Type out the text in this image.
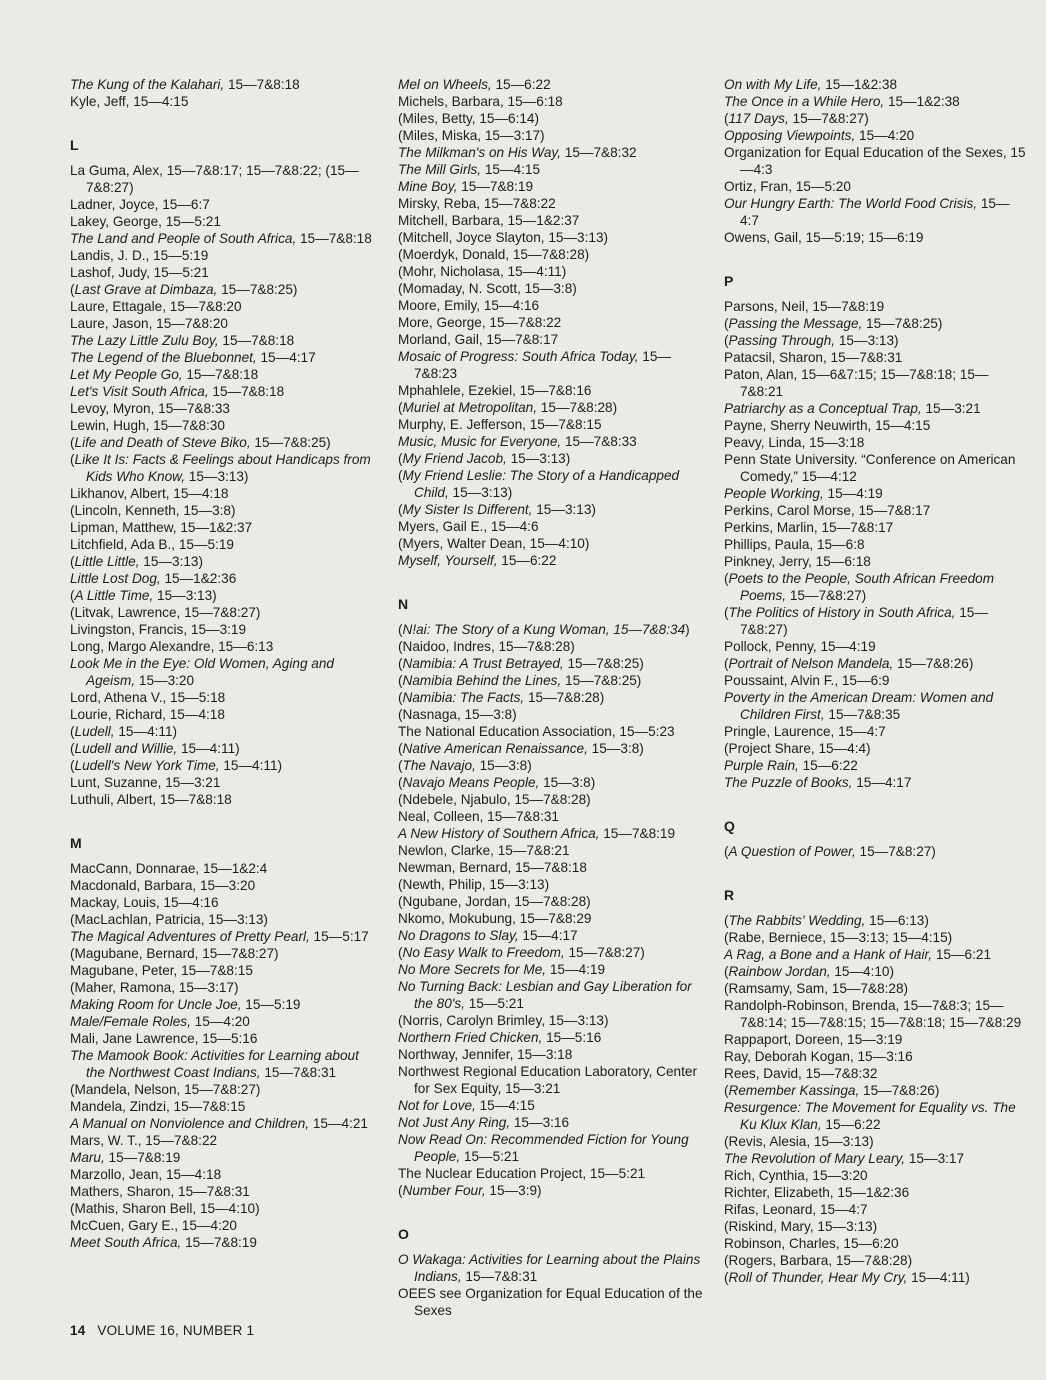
The Kung of the Kalahari, 15—7&8:18
Kyle, Jeff, 15—4:15
L
La Guma, Alex, 15—7&8:17; 15—7&8:22; (15—7&8:27)
Ladner, Joyce, 15—6:7
Lakey, George, 15—5:21
The Land and People of South Africa, 15—7&8:18
Landis, J. D., 15—5:19
Lashof, Judy, 15—5:21
(Last Grave at Dimbaza, 15—7&8:25)
Laure, Ettagale, 15—7&8:20
Laure, Jason, 15—7&8:20
The Lazy Little Zulu Boy, 15—7&8:18
The Legend of the Bluebonnet, 15—4:17
Let My People Go, 15—7&8:18
Let's Visit South Africa, 15—7&8:18
Levoy, Myron, 15—7&8:33
Lewin, Hugh, 15—7&8:30
(Life and Death of Steve Biko, 15—7&8:25)
(Like It Is: Facts & Feelings about Handicaps from Kids Who Know, 15—3:13)
Likhanov, Albert, 15—4:18
(Lincoln, Kenneth, 15—3:8)
Lipman, Matthew, 15—1&2:37
Litchfield, Ada B., 15—5:19
(Little Little, 15—3:13)
Little Lost Dog, 15—1&2:36
(A Little Time, 15—3:13)
(Litvak, Lawrence, 15—7&8:27)
Livingston, Francis, 15—3:19
Long, Margo Alexandre, 15—6:13
Look Me in the Eye: Old Women, Aging and Ageism, 15—3:20
Lord, Athena V., 15—5:18
Lourie, Richard, 15—4:18
(Ludell, 15—4:11)
(Ludell and Willie, 15—4:11)
(Ludell's New York Time, 15—4:11)
Lunt, Suzanne, 15—3:21
Luthuli, Albert, 15—7&8:18
M
MacCann, Donnarae, 15—1&2:4
Macdonald, Barbara, 15—3:20
Mackay, Louis, 15—4:16
(MacLachlan, Patricia, 15—3:13)
The Magical Adventures of Pretty Pearl, 15—5:17
(Magubane, Bernard, 15—7&8:27)
Magubane, Peter, 15—7&8:15
(Maher, Ramona, 15—3:17)
Making Room for Uncle Joe, 15—5:19
Male/Female Roles, 15—4:20
Mali, Jane Lawrence, 15—5:16
The Mamook Book: Activities for Learning about the Northwest Coast Indians, 15—7&8:31
(Mandela, Nelson, 15—7&8:27)
Mandela, Zindzi, 15—7&8:15
A Manual on Nonviolence and Children, 15—4:21
Mars, W. T., 15—7&8:22
Maru, 15—7&8:19
Marzollo, Jean, 15—4:18
Mathers, Sharon, 15—7&8:31
(Mathis, Sharon Bell, 15—4:10)
McCuen, Gary E., 15—4:20
Meet South Africa, 15—7&8:19
Mel on Wheels, 15—6:22
Michels, Barbara, 15—6:18
(Miles, Betty, 15—6:14)
(Miles, Miska, 15—3:17)
The Milkman's on His Way, 15—7&8:32
The Mill Girls, 15—4:15
Mine Boy, 15—7&8:19
Mirsky, Reba, 15—7&8:22
Mitchell, Barbara, 15—1&2:37
(Mitchell, Joyce Slayton, 15—3:13)
(Moerdyk, Donald, 15—7&8:28)
(Mohr, Nicholasa, 15—4:11)
(Momaday, N. Scott, 15—3:8)
Moore, Emily, 15—4:16
More, George, 15—7&8:22
Morland, Gail, 15—7&8:17
Mosaic of Progress: South Africa Today, 15—7&8:23
Mphahlele, Ezekiel, 15—7&8:16
(Muriel at Metropolitan, 15—7&8:28)
Murphy, E. Jefferson, 15—7&8:15
Music, Music for Everyone, 15—7&8:33
(My Friend Jacob, 15—3:13)
(My Friend Leslie: The Story of a Handicapped Child, 15—3:13)
(My Sister Is Different, 15—3:13)
Myers, Gail E., 15—4:6
(Myers, Walter Dean, 15—4:10)
Myself, Yourself, 15—6:22
N
(N!ai: The Story of a Kung Woman, 15—7&8:34)
(Naidoo, Indres, 15—7&8:28)
(Namibia: A Trust Betrayed, 15—7&8:25)
(Namibia Behind the Lines, 15—7&8:25)
(Namibia: The Facts, 15—7&8:28)
(Nasnaga, 15—3:8)
The National Education Association, 15—5:23
(Native American Renaissance, 15—3:8)
(The Navajo, 15—3:8)
(Navajo Means People, 15—3:8)
(Ndebele, Njabulo, 15—7&8:28)
Neal, Colleen, 15—7&8:31
A New History of Southern Africa, 15—7&8:19
Newlon, Clarke, 15—7&8:21
Newman, Bernard, 15—7&8:18
(Newth, Philip, 15—3:13)
(Ngubane, Jordan, 15—7&8:28)
Nkomo, Mokubung, 15—7&8:29
No Dragons to Slay, 15—4:17
(No Easy Walk to Freedom, 15—7&8:27)
No More Secrets for Me, 15—4:19
No Turning Back: Lesbian and Gay Liberation for the 80's, 15—5:21
(Norris, Carolyn Brimley, 15—3:13)
Northern Fried Chicken, 15—5:16
Northway, Jennifer, 15—3:18
Northwest Regional Education Laboratory, Center for Sex Equity, 15—3:21
Not for Love, 15—4:15
Not Just Any Ring, 15—3:16
Now Read On: Recommended Fiction for Young People, 15—5:21
The Nuclear Education Project, 15—5:21
(Number Four, 15—3:9)
O
O Wakaga: Activities for Learning about the Plains Indians, 15—7&8:31
OEES see Organization for Equal Education of the Sexes
On with My Life, 15—1&2:38
The Once in a While Hero, 15—1&2:38
(117 Days, 15—7&8:27)
Opposing Viewpoints, 15—4:20
Organization for Equal Education of the Sexes, 15—4:3
Ortiz, Fran, 15—5:20
Our Hungry Earth: The World Food Crisis, 15—4:7
Owens, Gail, 15—5:19; 15—6:19
P
Parsons, Neil, 15—7&8:19
(Passing the Message, 15—7&8:25)
(Passing Through, 15—3:13)
Patacsil, Sharon, 15—7&8:31
Paton, Alan, 15—6&7:15; 15—7&8:18; 15—7&8:21
Patriarchy as a Conceptual Trap, 15—3:21
Payne, Sherry Neuwirth, 15—4:15
Peavy, Linda, 15—3:18
Penn State University. “Conference on American Comedy,” 15—4:12
People Working, 15—4:19
Perkins, Carol Morse, 15—7&8:17
Perkins, Marlin, 15—7&8:17
Phillips, Paula, 15—6:8
Pinkney, Jerry, 15—6:18
(Poets to the People, South African Freedom Poems, 15—7&8:27)
(The Politics of History in South Africa, 15—7&8:27)
Pollock, Penny, 15—4:19
(Portrait of Nelson Mandela, 15—7&8:26)
Poussaint, Alvin F., 15—6:9
Poverty in the American Dream: Women and Children First, 15—7&8:35
Pringle, Laurence, 15—4:7
(Project Share, 15—4:4)
Purple Rain, 15—6:22
The Puzzle of Books, 15—4:17
Q
(A Question of Power, 15—7&8:27)
R
(The Rabbits' Wedding, 15—6:13)
(Rabe, Berniece, 15—3:13; 15—4:15)
A Rag, a Bone and a Hank of Hair, 15—6:21
(Rainbow Jordan, 15—4:10)
(Ramsamy, Sam, 15—7&8:28)
Randolph-Robinson, Brenda, 15—7&8:3; 15—7&8:14; 15—7&8:15; 15—7&8:18; 15—7&8:29
Rappaport, Doreen, 15—3:19
Ray, Deborah Kogan, 15—3:16
Rees, David, 15—7&8:32
(Remember Kassinga, 15—7&8:26)
Resurgence: The Movement for Equality vs. The Ku Klux Klan, 15—6:22
(Revis, Alesia, 15—3:13)
The Revolution of Mary Leary, 15—3:17
Rich, Cynthia, 15—3:20
Richter, Elizabeth, 15—1&2:36
Rifas, Leonard, 15—4:7
(Riskind, Mary, 15—3:13)
Robinson, Charles, 15—6:20
(Rogers, Barbara, 15—7&8:28)
(Roll of Thunder, Hear My Cry, 15—4:11)
14 VOLUME 16, NUMBER 1
